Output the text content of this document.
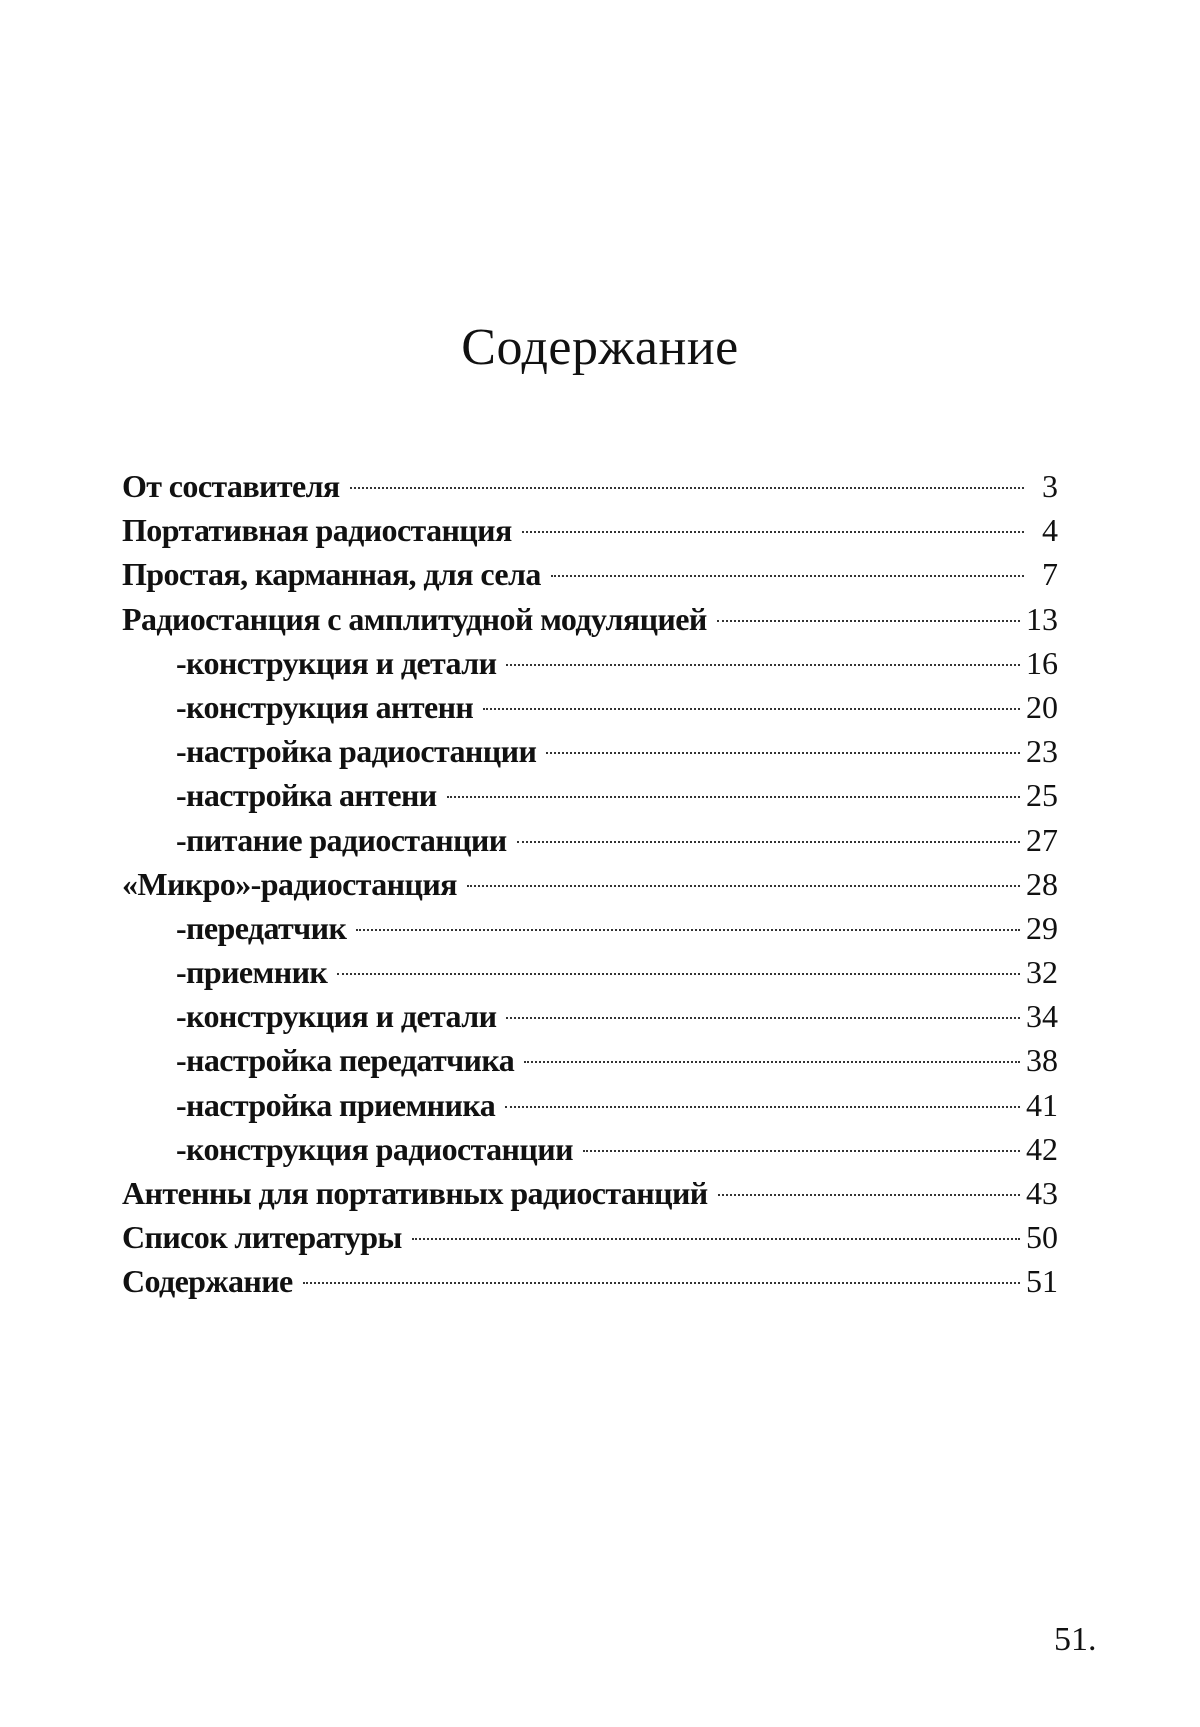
Содержание
От составителя	3
Портативная радиостанция	4
Простая, карманная, для села	7
Радиостанция с амплитудной модуляцией	13
-конструкция и детали	16
-конструкция антенн	20
-настройка радиостанции	23
-настройка антени	25
-питание радиостанции	27
«Микро»-радиостанция	28
-передатчик	29
-приемник	32
-конструкция и детали	34
-настройка передатчика	38
-настройка приемника	41
-конструкция радиостанции	42
Антенны для портативных радиостанций	43
Список литературы	50
Содержание	51

51.
